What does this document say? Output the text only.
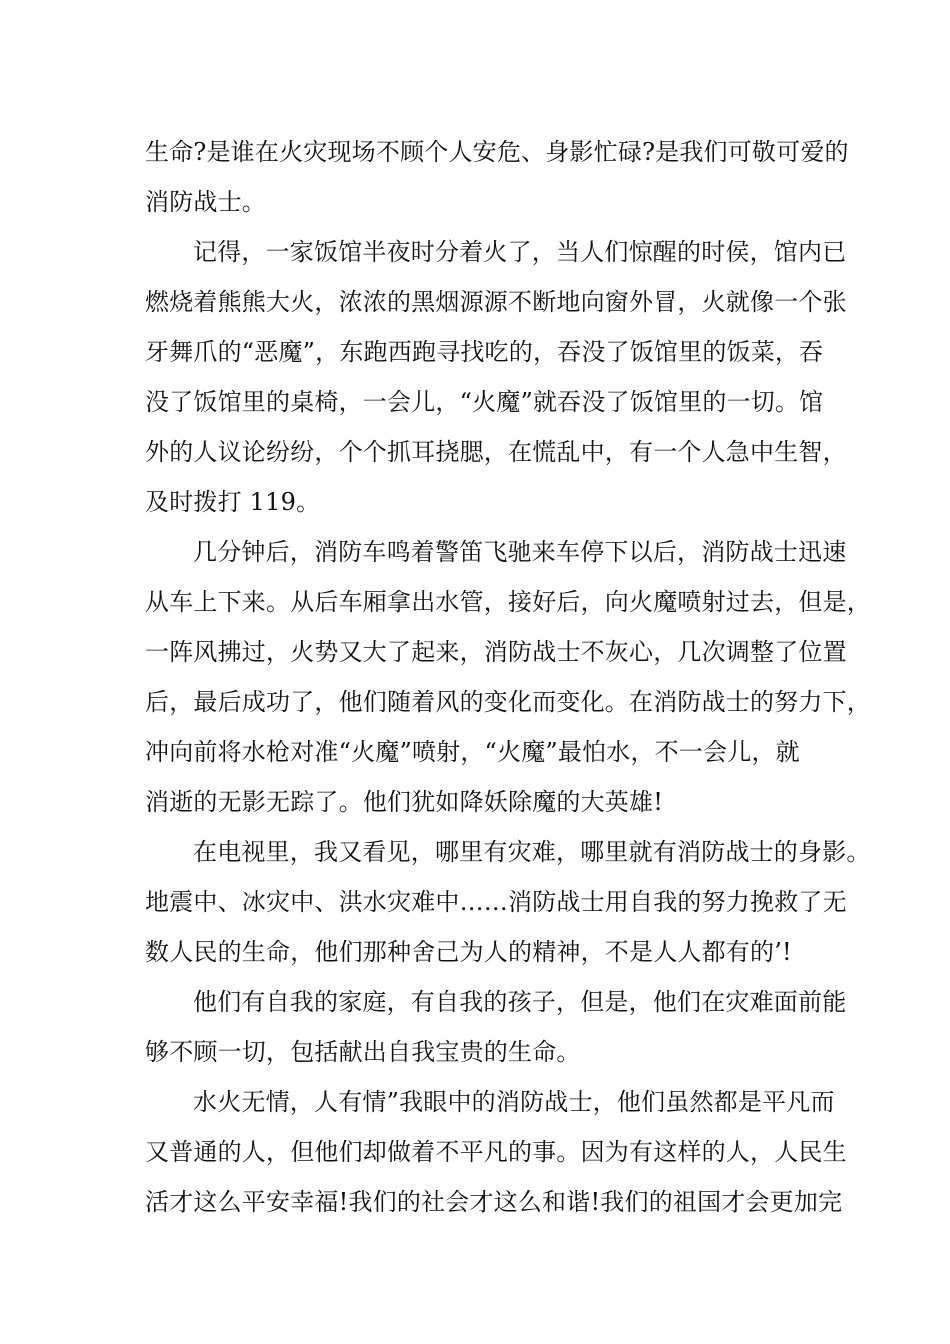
生命?是谁在火灾现场不顾个人安危、身影忙碌?是我们可敬可爱的
消防战士。
记得，一家饭馆半夜时分着火了，当人们惊醒的时侯，馆内已
燃烧着熊熊大火，浓浓的黑烟源源不断地向窗外冒，火就像一个张
牙舞爪的“恶魔”，东跑西跑寻找吃的，吞没了饭馆里的饭菜，吞
没了饭馆里的桌椅，一会儿，“火魔”就吞没了饭馆里的一切。馆
外的人议论纷纷，个个抓耳挠腮，在慌乱中，有一个人急中生智，
及时拨打 119。
几分钟后，消防车鸣着警笛飞驰来车停下以后，消防战士迅速
从车上下来。从后车厢拿出水管，接好后，向火魔喷射过去，但是，
一阵风拂过，火势又大了起来，消防战士不灰心，几次调整了位置
后，最后成功了，他们随着风的变化而变化。在消防战士的努力下，
冲向前将水枪对准“火魔”喷射，“火魔”最怕水，不一会儿，就
消逝的无影无踪了。他们犹如降妖除魔的大英雄!
在电视里，我又看见，哪里有灾难，哪里就有消防战士的身影。
地震中、冰灾中、洪水灾难中……消防战士用自我的努力挽救了无
数人民的生命，他们那种舍己为人的精神，不是人人都有的’!
他们有自我的家庭，有自我的孩子，但是，他们在灾难面前能
够不顾一切，包括献出自我宝贵的生命。
水火无情，人有情”我眼中的消防战士，他们虽然都是平凡而
又普通的人，但他们却做着不平凡的事。因为有这样的人，人民生
活才这么平安幸福!我们的社会才这么和谐!我们的祖国才会更加完
